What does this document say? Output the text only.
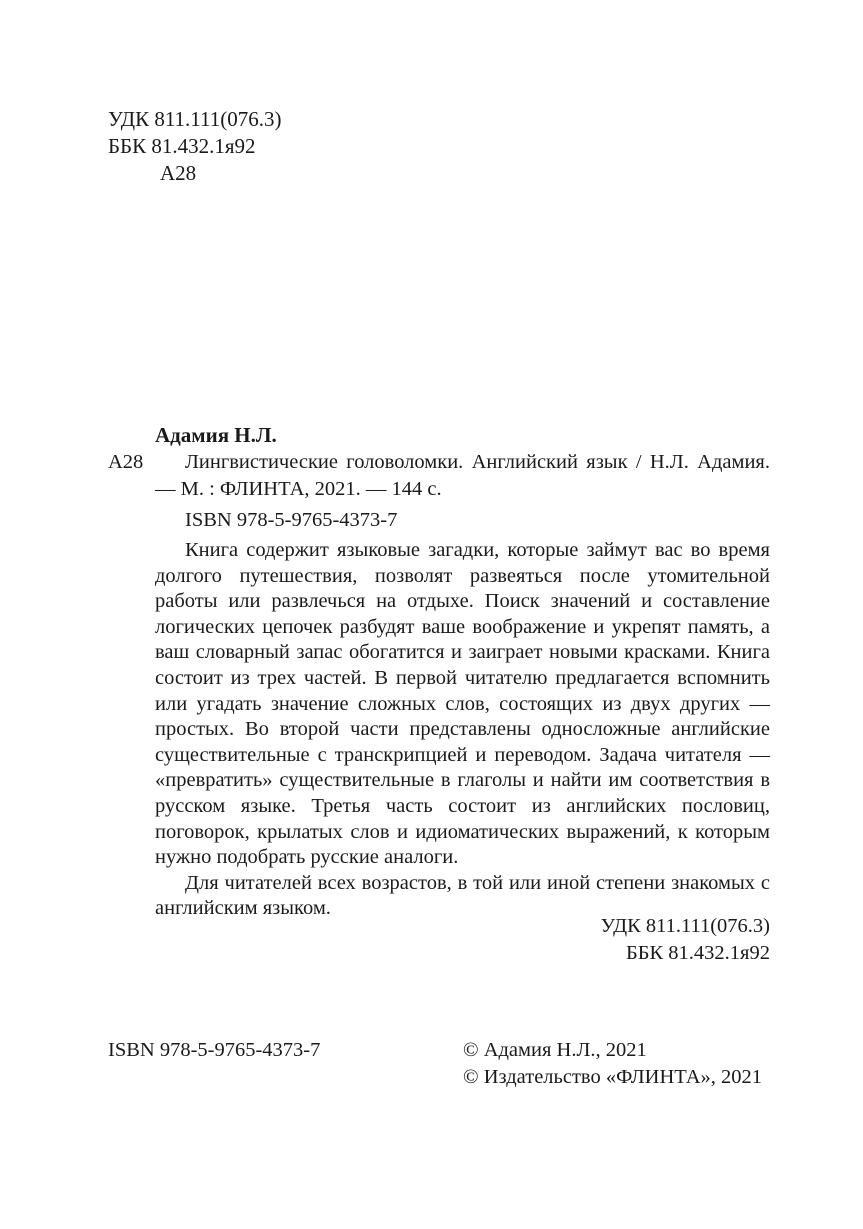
УДК 811.111(076.3)
ББК 81.432.1я92
А28
Адамия Н.Л.
А28	Лингвистические головоломки. Английский язык / Н.Л. Адамия. — М. : ФЛИНТА, 2021. — 144 с.
ISBN 978-5-9765-4373-7

Книга содержит языковые загадки, которые займут вас во время долгого путешествия, позволят развеяться после утомительной работы или развлечься на отдыхе. Поиск значений и составление логических цепочек разбудят ваше воображение и укрепят память, а ваш словарный запас обогатится и заиграет новыми красками. Книга состоит из трех частей. В первой читателю предлагается вспомнить или угадать значение сложных слов, состоящих из двух других — простых. Во второй части представлены односложные английские существительные с транскрипцией и переводом. Задача читателя — «превратить» существительные в глаголы и найти им соответствия в русском языке. Третья часть состоит из английских пословиц, поговорок, крылатых слов и идиоматических выражений, к которым нужно подобрать русские аналоги.

Для читателей всех возрастов, в той или иной степени знакомых с английским языком.

УДК 811.111(076.3)
ББК 81.432.1я92
ISBN 978-5-9765-4373-7	© Адамия Н.Л., 2021
© Издательство «ФЛИНТА», 2021
